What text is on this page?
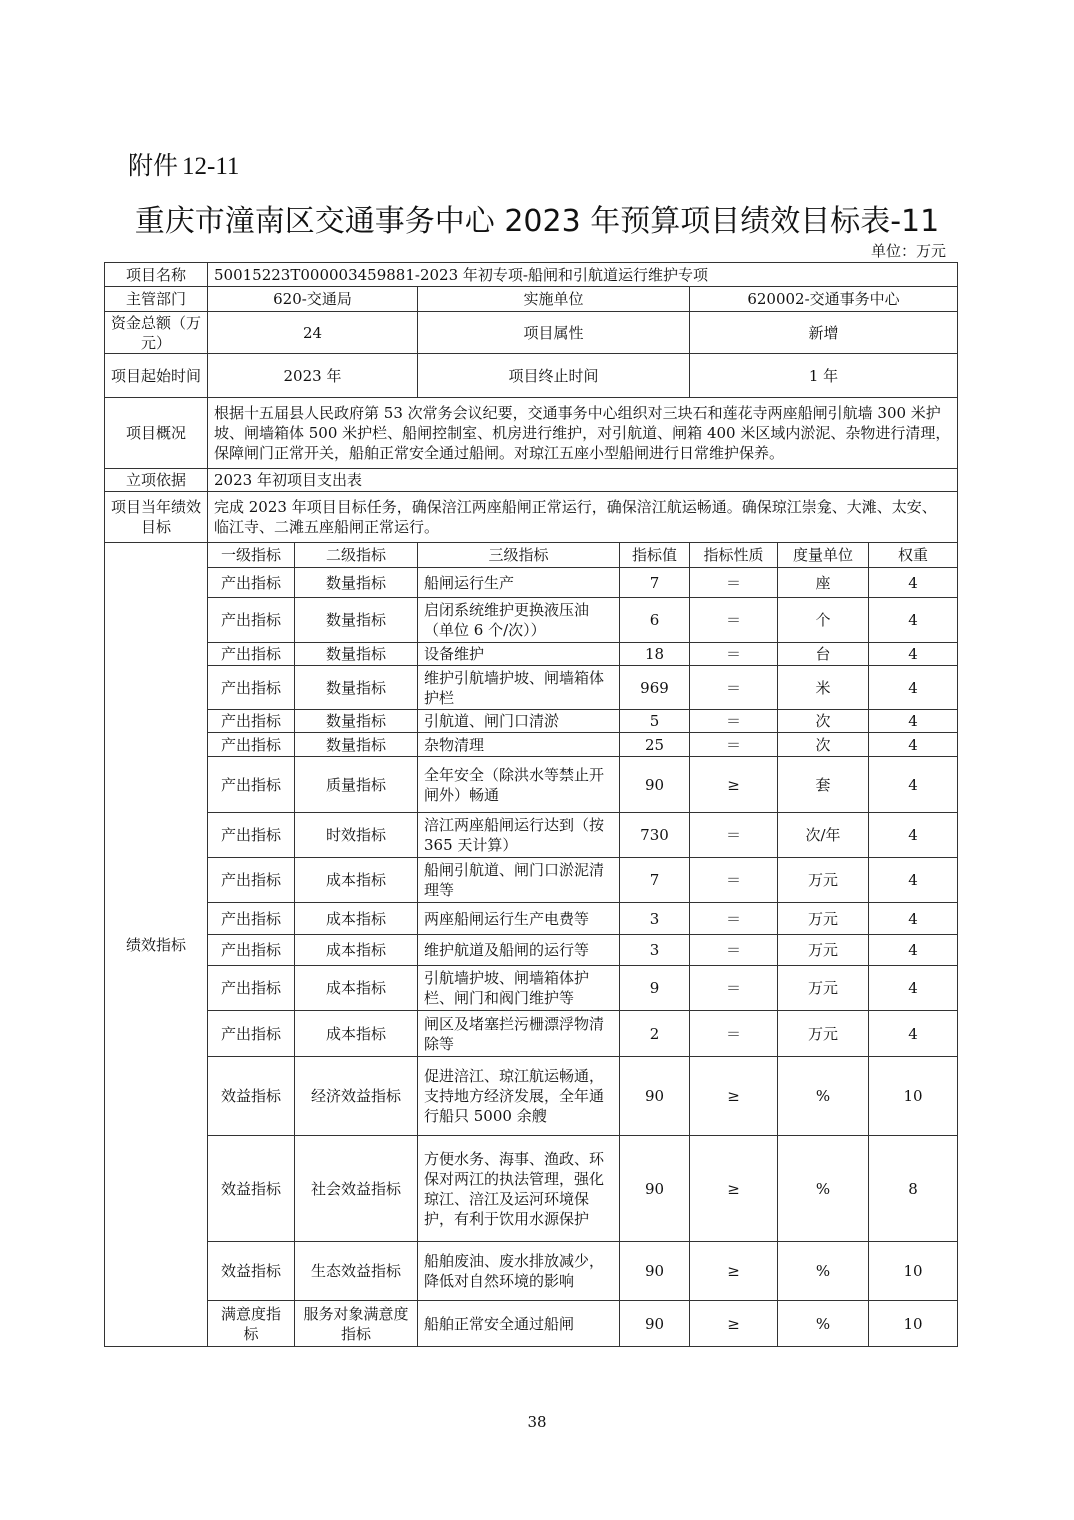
附件 12-11
重庆市潼南区交通事务中心 2023 年预算项目绩效目标表-11
单位：万元
项目名称	50015223T000003459881-2023 年初专项-船闸和引航道运行维护专项						
主管部门	620-交通局		实施单位		620002-交通事务中心		
资金总额（万元）	24		项目属性		新增		
项目起始时间	2023 年		项目终止时间		1 年		
项目概况	根据十五届县人民政府第 53 次常务会议纪要，交通事务中心组织对三块石和莲花寺两座船闸引航墙 300 米护坡、闸墙箱体 500 米护栏、船闸控制室、机房进行维护，对引航道、闸箱 400 米区域内淤泥、杂物进行清理，保障闸门正常开关，船舶正常安全通过船闸。对琼江五座小型船闸进行日常维护保养。						
立项依据	2023 年初项目支出表						
项目当年绩效目标	完成 2023 年项目目标任务，确保涪江两座船闸正常运行，确保涪江航运畅通。确保琼江崇龛、大滩、太安、临江寺、二滩五座船闸正常运行。						
绩效指标	一级指标	二级指标	三级指标	指标值	指标性质	度量单位	权重
	产出指标	数量指标	船闸运行生产	7	＝	座	4
	产出指标	数量指标	启闭系统维护更换液压油（单位 6 个/次））	6	＝	个	4
	产出指标	数量指标	设备维护	18	＝	台	4
	产出指标	数量指标	维护引航墙护坡、闸墙箱体护栏	969	＝	米	4
	产出指标	数量指标	引航道、闸门口清淤	5	＝	次	4
	产出指标	数量指标	杂物清理	25	＝	次	4
	产出指标	质量指标	全年安全（除洪水等禁止开闸外）畅通	90	≥	套	4
	产出指标	时效指标	涪江两座船闸运行达到（按 365 天计算）	730	＝	次/年	4
	产出指标	成本指标	船闸引航道、闸门口淤泥清理等	7	＝	万元	4
	产出指标	成本指标	两座船闸运行生产电费等	3	＝	万元	4
	产出指标	成本指标	维护航道及船闸的运行等	3	＝	万元	4
	产出指标	成本指标	引航墙护坡、闸墙箱体护栏、闸门和阀门维护等	9	＝	万元	4
	产出指标	成本指标	闸区及堵塞拦污栅漂浮物清除等	2	＝	万元	4
	效益指标	经济效益指标	促进涪江、琼江航运畅通，支持地方经济发展，全年通行船只 5000 余艘	90	≥	%	10
	效益指标	社会效益指标	方便水务、海事、渔政、环保对两江的执法管理，强化琼江、涪江及运河环境保护，有利于饮用水源保护	90	≥	%	8
	效益指标	生态效益指标	船舶废油、废水排放减少，降低对自然环境的影响	90	≥	%	10
	满意度指标	服务对象满意度指标	船舶正常安全通过船闸	90	≥	%	10
38
